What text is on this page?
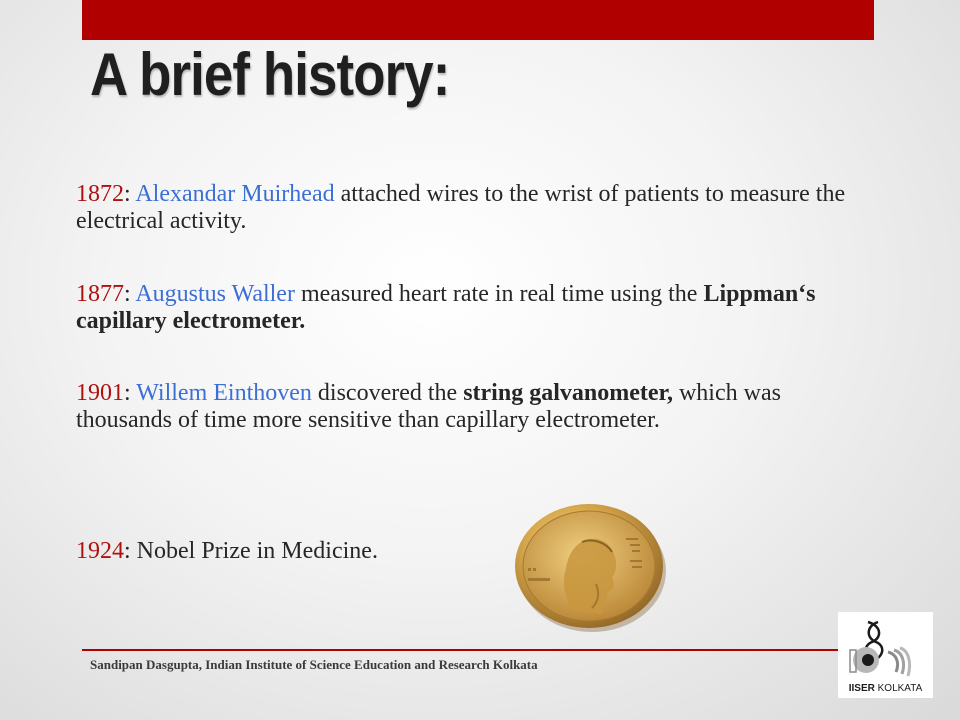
A brief history:

1872: Alexandar Muirhead attached wires to the wrist of patients to measure the electrical activity.

1877: Augustus Waller measured heart rate in real time using the Lippman‘s capillary electrometer.

1901: Willem Einthoven discovered the string galvanometer, which was thousands of time more sensitive than capillary electrometer.

1924: Nobel Prize in Medicine.

Sandipan Dasgupta, Indian Institute of Science Education and Research Kolkata
IISER KOLKATA
